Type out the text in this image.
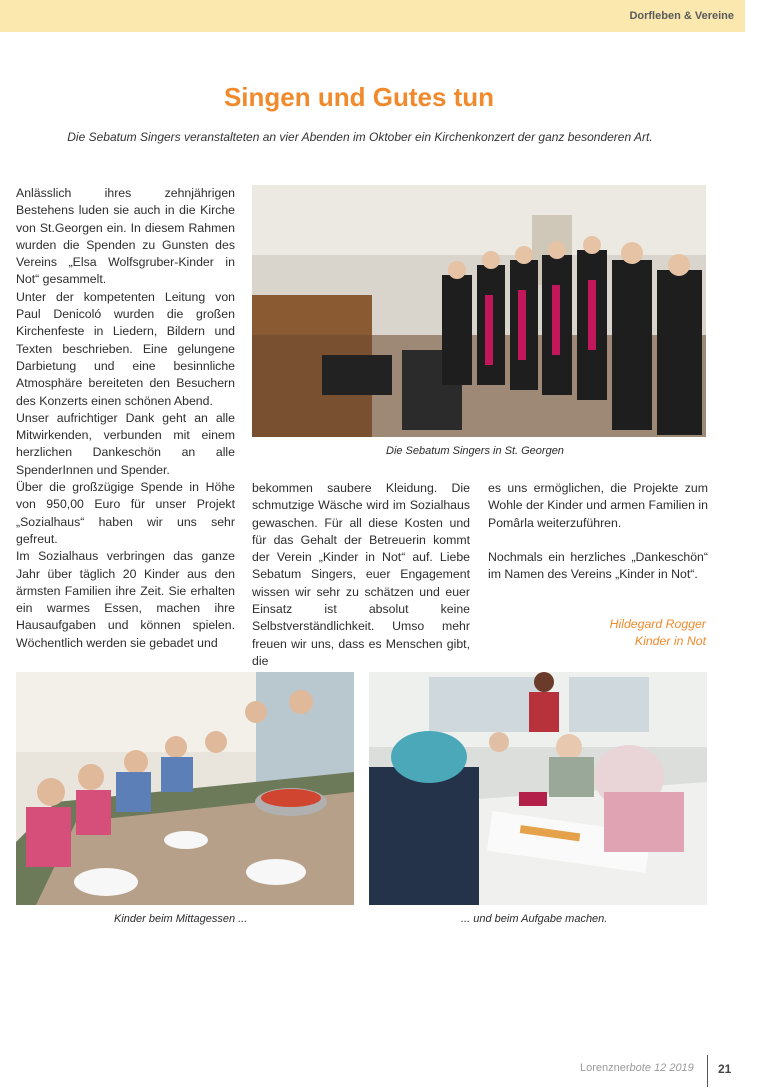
Dorfleben & Vereine
Singen und Gutes tun
Die Sebatum Singers veranstalteten an vier Abenden im Oktober ein Kirchenkonzert der ganz besonderen Art.

Anlässlich ihres zehnjährigen Bestehens luden sie auch in die Kirche von St.Georgen ein. In diesem Rahmen wurden die Spenden zu Gunsten des Vereins „Elsa Wolfsgruber-Kinder in Not“ gesammelt.

Unter der kompetenten Leitung von Paul Denicoló wurden die großen Kirchenfeste in Liedern, Bildern und Texten beschrieben. Eine gelungene Darbietung und eine besinnliche Atmosphäre bereiteten den Besuchern des Konzerts einen schönen Abend.

Unser aufrichtiger Dank geht an alle Mitwirkenden, verbunden mit einem herzlichen Dankeschön an alle SpenderInnen und Spender.

Über die großzügige Spende in Höhe von 950,00 Euro für unser Projekt „Sozialhaus“ haben wir uns sehr gefreut.

Im Sozialhaus verbringen das ganze Jahr über täglich 20 Kinder aus den ärmsten Familien ihre Zeit. Sie erhalten ein warmes Essen, machen ihre Hausaufgaben und können spielen. Wöchentlich werden sie gebadet und

Die Sebatum Singers in St. Georgen

bekommen saubere Kleidung. Die schmutzige Wäsche wird im Sozialhaus gewaschen. Für all diese Kosten und für das Gehalt der Betreuerin kommt der Verein „Kinder in Not“ auf. Liebe Sebatum Singers, euer Engagement wissen wir sehr zu schätzen und euer Einsatz ist absolut keine Selbstverständlichkeit. Umso mehr freuen wir uns, dass es Menschen gibt, die

es uns ermöglichen, die Projekte zum Wohle der Kinder und armen Familien in Pomârla weiterzuführen.

Nochmals ein herzliches „Dankeschön“ im Namen des Vereins „Kinder in Not“.

Hildegard Rogger
Kinder in Not
Kinder beim Mittagessen ...	... und beim Aufgabe machen.
Lorenznerbote 12 2019 21
